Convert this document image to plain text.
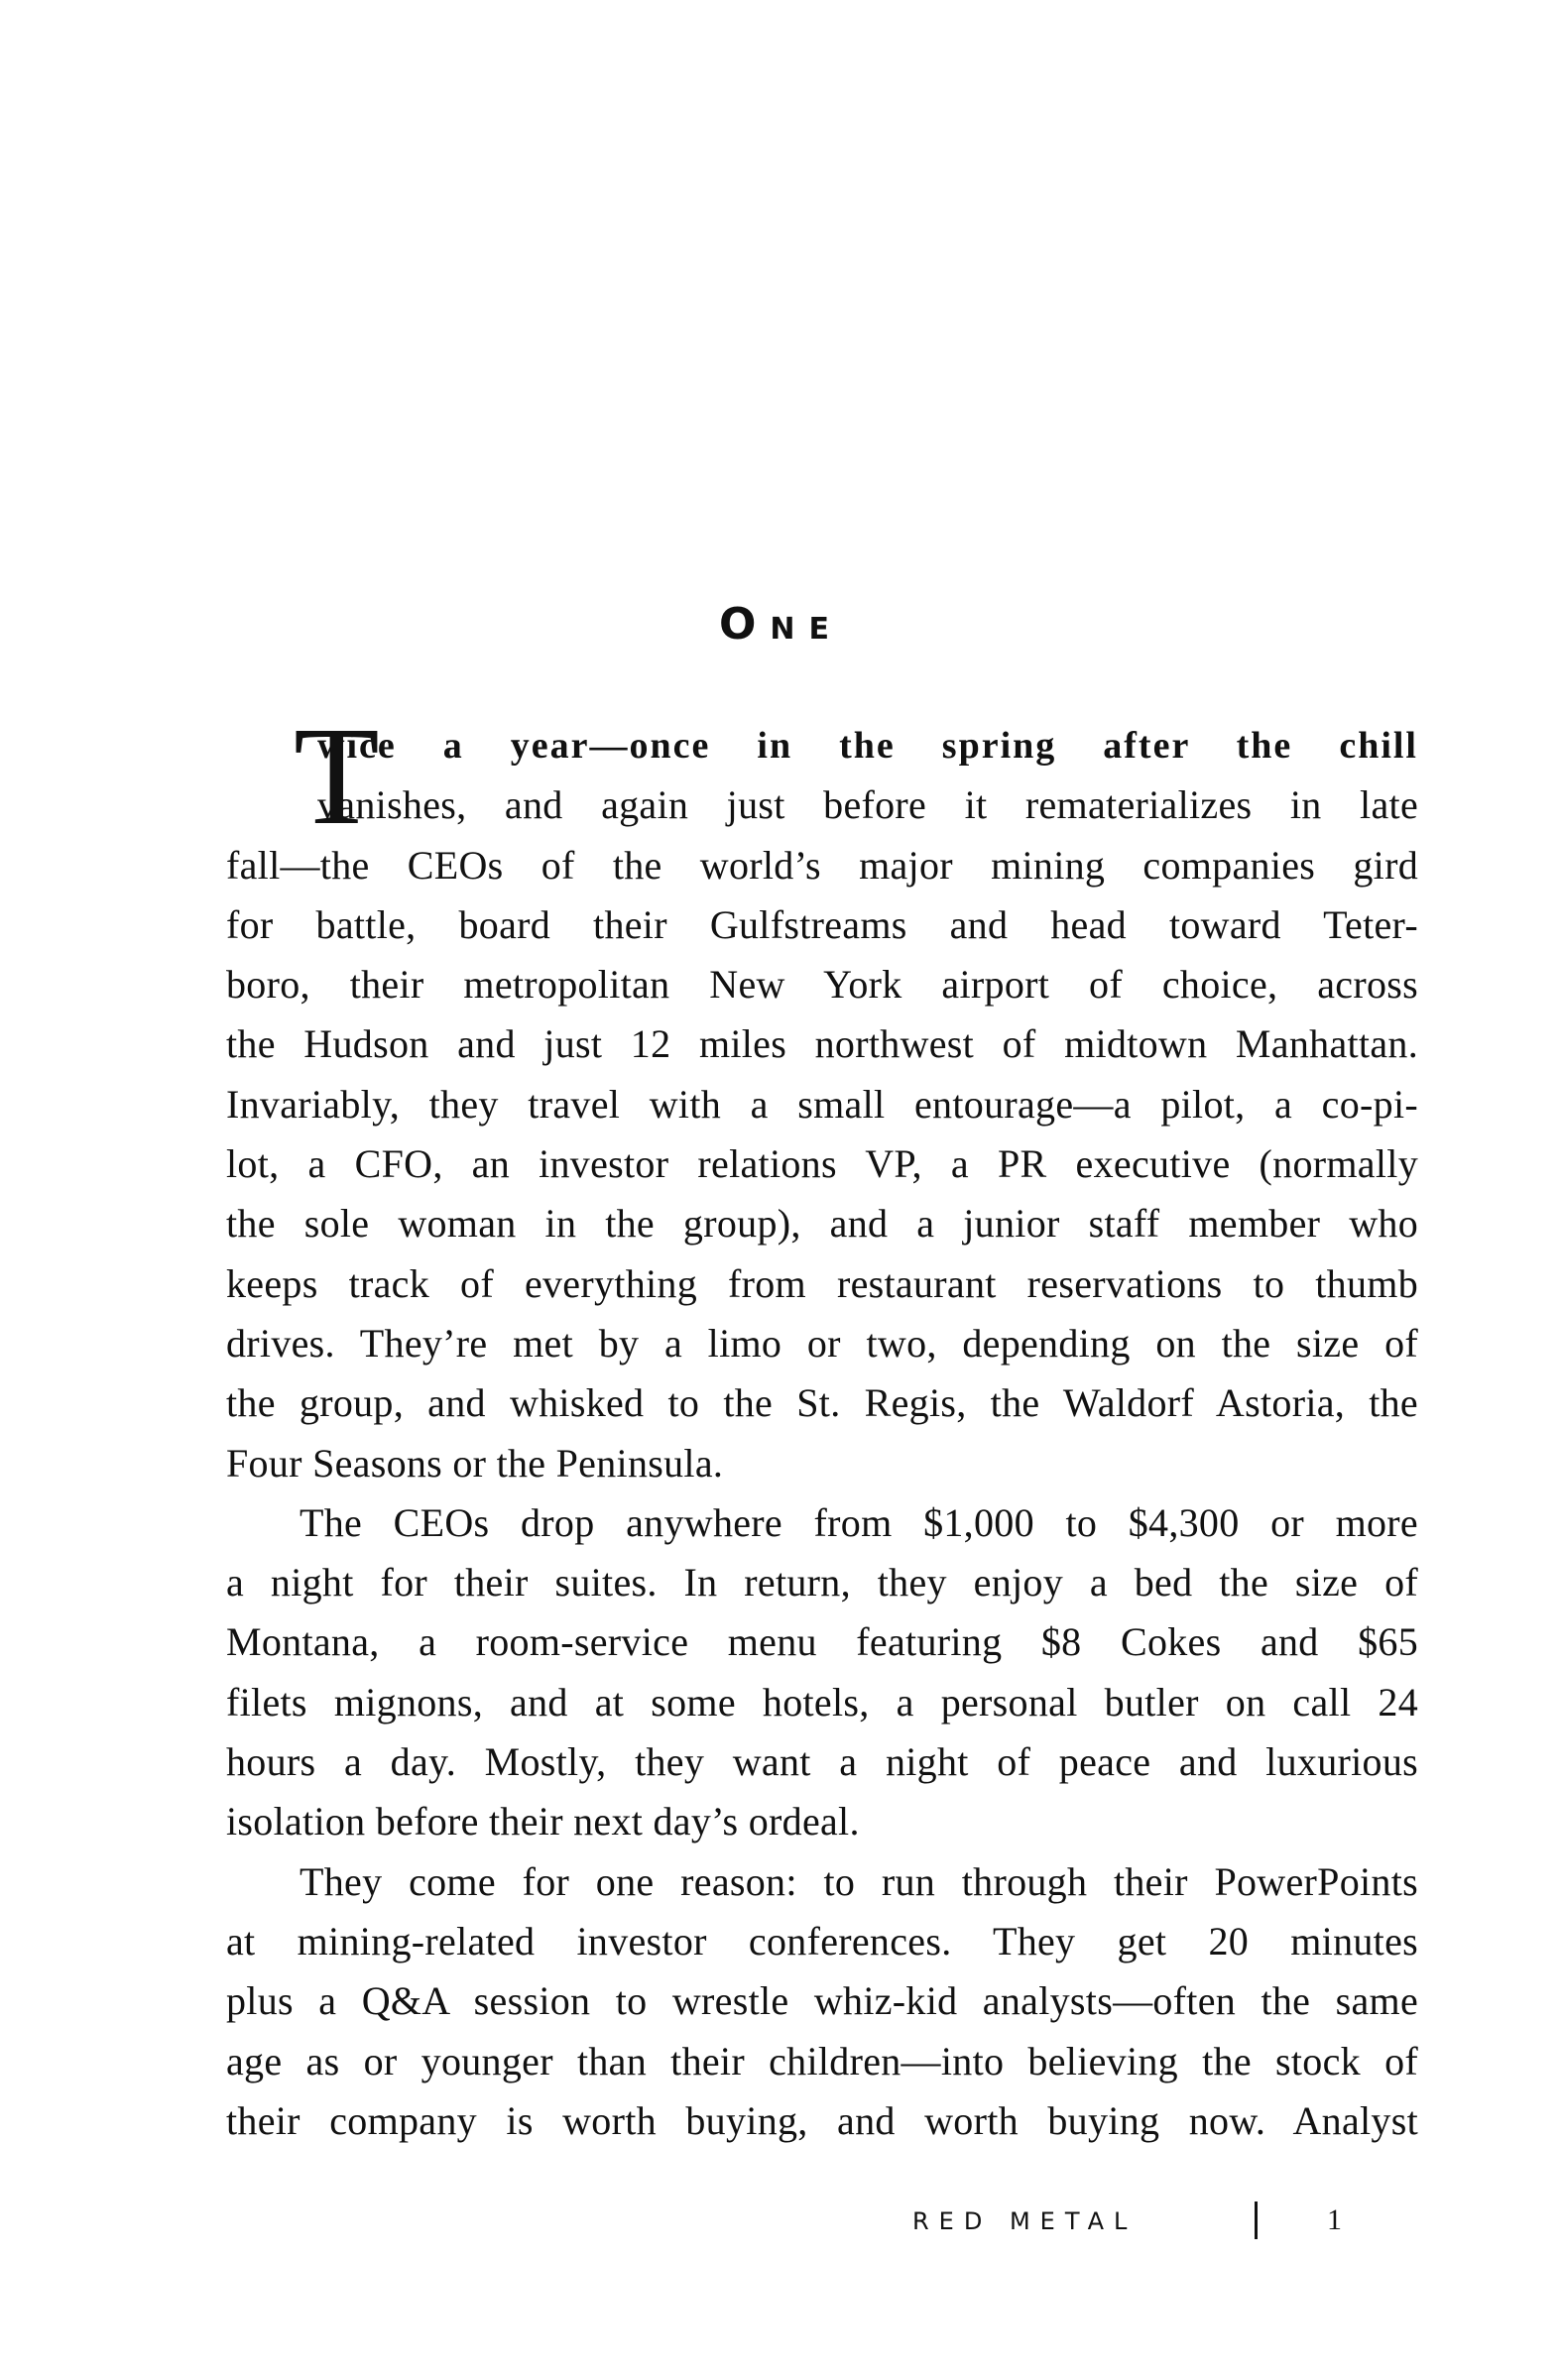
ONE
T
wice a year—once in the spring after the chill
vanishes, and again just before it rematerializes in late
fall—the CEOs of the world’s major mining companies gird
for battle, board their Gulfstreams and head toward Teter-
boro, their metropolitan New York airport of choice, across
the Hudson and just 12 miles northwest of midtown Manhattan.
Invariably, they travel with a small entourage—a pilot, a co-pi-
lot, a CFO, an investor relations VP, a PR executive (normally
the sole woman in the group), and a junior staff member who
keeps track of everything from restaurant reservations to thumb
drives. They’re met by a limo or two, depending on the size of
the group, and whisked to the St. Regis, the Waldorf Astoria, the
Four Seasons or the Peninsula.
The CEOs drop anywhere from $1,000 to $4,300 or more
a night for their suites. In return, they enjoy a bed the size of
Montana, a room-service menu featuring $8 Cokes and $65
filets mignons, and at some hotels, a personal butler on call 24
hours a day. Mostly, they want a night of peace and luxurious
isolation before their next day’s ordeal.
They come for one reason: to run through their PowerPoints
at mining-related investor conferences. They get 20 minutes
plus a Q&A session to wrestle whiz-kid analysts—often the same
age as or younger than their children—into believing the stock of
their company is worth buying, and worth buying now. Analyst
RED METAL	1
